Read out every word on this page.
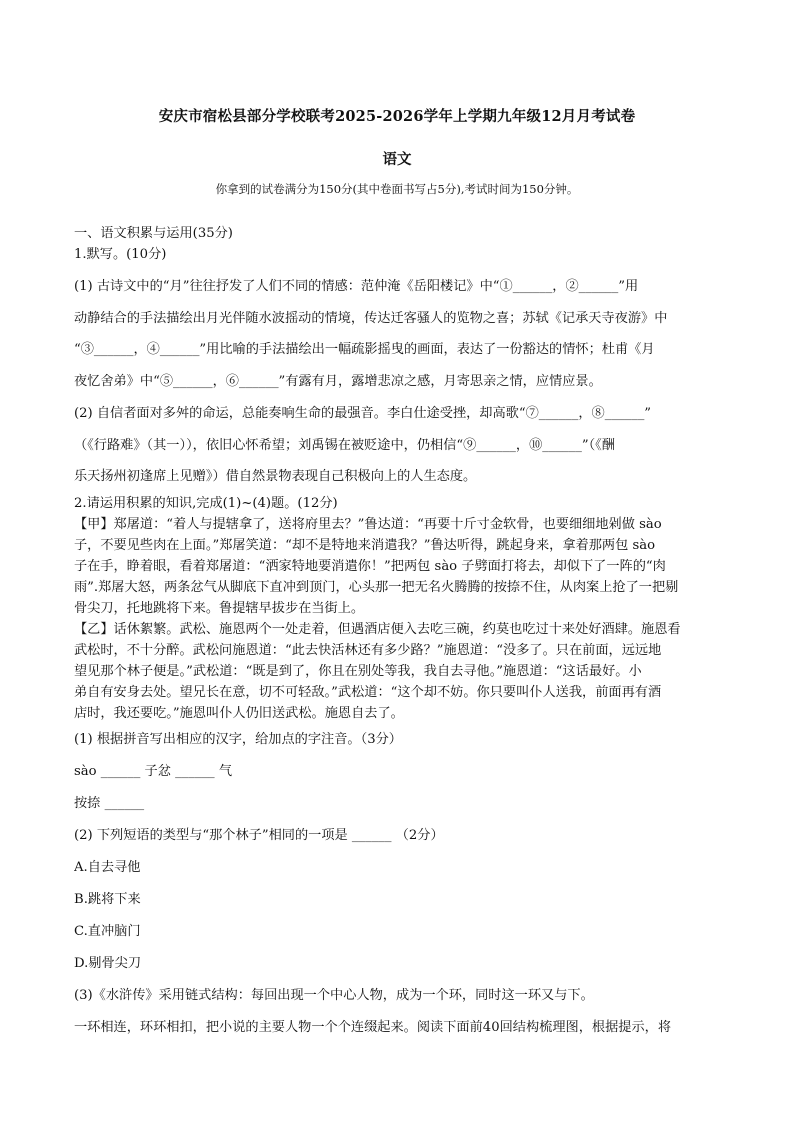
安庆市宿松县部分学校联考2025-2026学年上学期九年级12月月考试卷
语文
你拿到的试卷满分为150分(其中卷面书写占5分),考试时间为150分钟。
一、语文积累与运用(35分)
1.默写。(10分)
(1) 古诗文中的“月”往往抒发了人们不同的情感：范仲淹《岳阳楼记》中“①______，②______”用
动静结合的手法描绘出月光伴随水波摇动的情境，传达迁客骚人的览物之喜；苏轼《记承天寺夜游》中
“③______，④______”用比喻的手法描绘出一幅疏影摇曳的画面，表达了一份豁达的情怀；杜甫《月
夜忆舍弟》中“⑤______，⑥______”有露有月，露增悲凉之感，月寄思亲之情，应情应景。
(2) 自信者面对多舛的命运，总能奏响生命的最强音。李白仕途受挫，却高歌“⑦______，⑧______”
（《行路难》（其一）），依旧心怀希望；刘禹锡在被贬途中，仍相信“⑨______，⑩______”（《酬
乐天扬州初逢席上见赠》）借自然景物表现自己积极向上的人生态度。
2.请运用积累的知识,完成(1)~(4)题。(12分)
【甲】郑屠道：“着人与提辖拿了，送将府里去？”鲁达道：“再要十斤寸金软骨，也要细细地剁做 sào
子，不要见些肉在上面。”郑屠笑道：“却不是特地来消遣我？”鲁达听得，跳起身来，拿着那两包 sào
子在手，睁着眼，看着郑屠道：“洒家特地要消遣你！”把两包 sào 子劈面打将去，却似下了一阵的“肉
雨”.郑屠大怒，两条忿气从脚底下直冲到顶门，心头那一把无名火腾腾的按捺不住，从肉案上抢了一把剔
骨尖刀，托地跳将下来。鲁提辖早拔步在当街上。
【乙】话休絮繁。武松、施恩两个一处走着，但遇酒店便入去吃三碗，约莫也吃过十来处好酒肆。施恩看
武松时，不十分醉。武松问施恩道：“此去快活林还有多少路？”施恩道：“没多了。只在前面，远远地
望见那个林子便是。”武松道：“既是到了，你且在别处等我，我自去寻他。”施恩道：“这话最好。小
弟自有安身去处。望兄长在意，切不可轻敌。”武松道：“这个却不妨。你只要叫仆人送我，前面再有酒
店时，我还要吃。”施恩叫仆人仍旧送武松。施恩自去了。
(1) 根据拼音写出相应的汉字，给加点的字注音。（3分）
sào ______ 子忿 ______ 气
按捺 ______
(2) 下列短语的类型与“那个林子”相同的一项是 ______ （2分）
A.自去寻他
B.跳将下来
C.直冲脑门
D.剔骨尖刀
(3)《水浒传》采用链式结构：每回出现一个中心人物，成为一个环，同时这一环又与下。
一环相连，环环相扣，把小说的主要人物一个个连缀起来。阅读下面前40回结构梳理图，根据提示，将
